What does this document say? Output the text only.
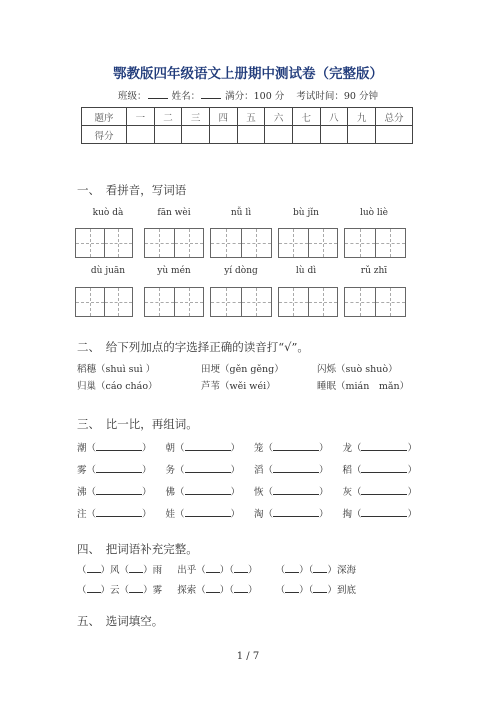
鄂教版四年级语文上册期中测试卷（完整版）
班级：	姓名：	满分：100 分 考试时间：90 分钟
题序	一	二	三	四	五	六	七	八	九	总分
得分										
一、　看拼音，写词语
kuò dà	fān wèi	nǚ lì	bù jǐn	luò liè
dù juān	yù mén	yí dòng	lù dì	rǔ zhī
二、　给下列加点的字选择正确的读音打“√”。
稻穗（shuì suì ）	田埂（gěn gěng）	闪烁（suò shuò）
归巢（cáo cháo）	芦苇（wěi wéi）	睡眠（mián　mǎn）
三、　比一比，再组词。
潮（	） 朝（	） 笼（	） 龙（	）
雾（	） 务（	） 滔（	） 稻（	）
沸（	） 佛（	） 恢（	） 灰（	）
注（	） 娃（	） 淘（	） 掏（	）
四、　把词语补充完整。
（ ）风（ ）雨 出乎（ ）（ ） （ ）（ ）深海
（ ）云（ ）雾 探索（ ）（ ） （ ）（ ）到底
五、　选词填空。
1 / 7
